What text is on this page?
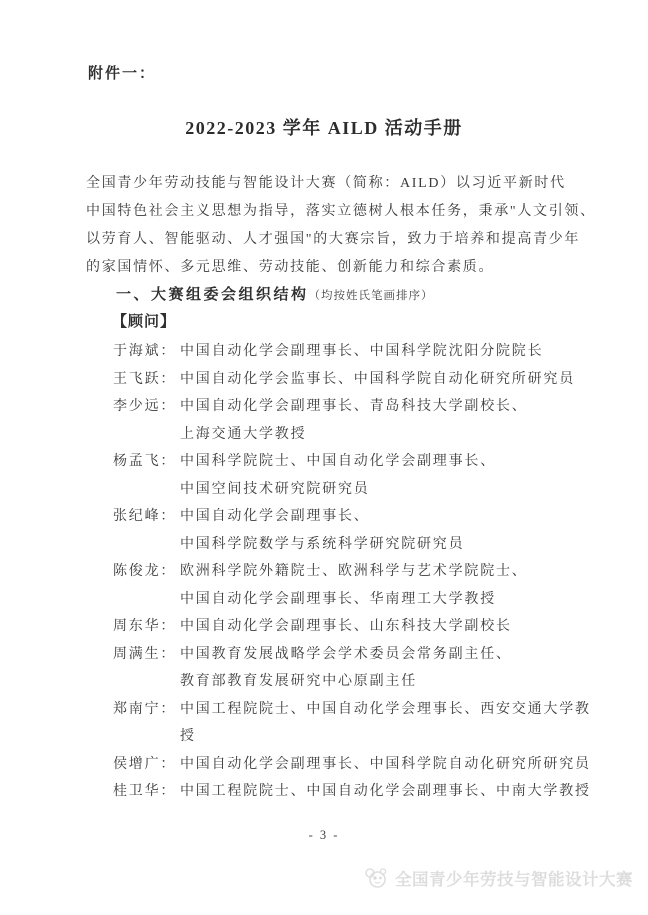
附件一：
2022-2023 学年 AILD 活动手册
全国青少年劳动技能与智能设计大赛（简称：AILD）以习近平新时代
中国特色社会主义思想为指导，落实立德树人根本任务，秉承"人文引领、
以劳育人、智能驱动、人才强国"的大赛宗旨，致力于培养和提高青少年
的家国情怀、多元思维、劳动技能、创新能力和综合素质。
一、大赛组委会组织结构（均按姓氏笔画排序）
【顾问】
于海斌： 中国自动化学会副理事长、中国科学院沈阳分院院长
王飞跃： 中国自动化学会监事长、中国科学院自动化研究所研究员
李少远： 中国自动化学会副理事长、青岛科技大学副校长、
上海交通大学教授
杨孟飞： 中国科学院院士、中国自动化学会副理事长、
中国空间技术研究院研究员
张纪峰： 中国自动化学会副理事长、
中国科学院数学与系统科学研究院研究员
陈俊龙： 欧洲科学院外籍院士、欧洲科学与艺术学院院士、
中国自动化学会副理事长、华南理工大学教授
周东华： 中国自动化学会副理事长、山东科技大学副校长
周满生： 中国教育发展战略学会学术委员会常务副主任、
教育部教育发展研究中心原副主任
郑南宁： 中国工程院院士、中国自动化学会理事长、西安交通大学教
授
侯增广： 中国自动化学会副理事长、中国科学院自动化研究所研究员
桂卫华： 中国工程院院士、中国自动化学会副理事长、中南大学教授
- 3 -
全国青少年劳技与智能设计大赛
